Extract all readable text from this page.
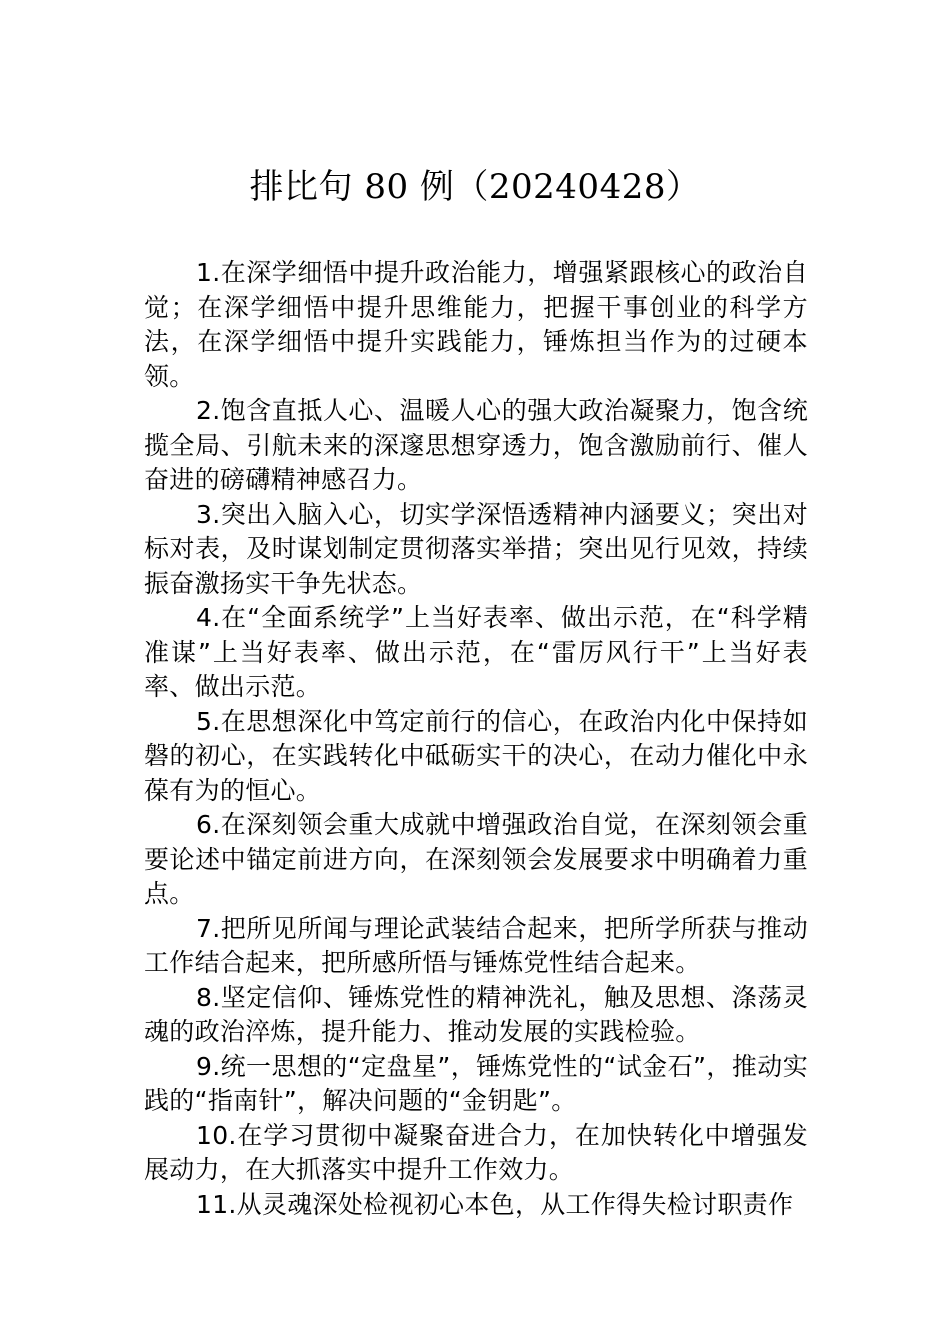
排比句 80 例（20240428）

1.在深学细悟中提升政治能力，增强紧跟核心的政治自觉；在深学细悟中提升思维能力，把握干事创业的科学方法，在深学细悟中提升实践能力，锤炼担当作为的过硬本领。

2.饱含直抵人心、温暖人心的强大政治凝聚力，饱含统揽全局、引航未来的深邃思想穿透力，饱含激励前行、催人奋进的磅礴精神感召力。

3.突出入脑入心，切实学深悟透精神内涵要义；突出对标对表，及时谋划制定贯彻落实举措；突出见行见效，持续振奋激扬实干争先状态。

4.在“全面系统学”上当好表率、做出示范，在“科学精准谋”上当好表率、做出示范，在“雷厉风行干”上当好表率、做出示范。

5.在思想深化中笃定前行的信心，在政治内化中保持如磐的初心，在实践转化中砥砺实干的决心，在动力催化中永葆有为的恒心。

6.在深刻领会重大成就中增强政治自觉，在深刻领会重要论述中锚定前进方向，在深刻领会发展要求中明确着力重点。

7.把所见所闻与理论武装结合起来，把所学所获与推动工作结合起来，把所感所悟与锤炼党性结合起来。

8.坚定信仰、锤炼党性的精神洗礼，触及思想、涤荡灵魂的政治淬炼，提升能力、推动发展的实践检验。

9.统一思想的“定盘星”，锤炼党性的“试金石”，推动实践的“指南针”，解决问题的“金钥匙”。

10.在学习贯彻中凝聚奋进合力，在加快转化中增强发展动力，在大抓落实中提升工作效力。

11.从灵魂深处检视初心本色，从工作得失检讨职责作
